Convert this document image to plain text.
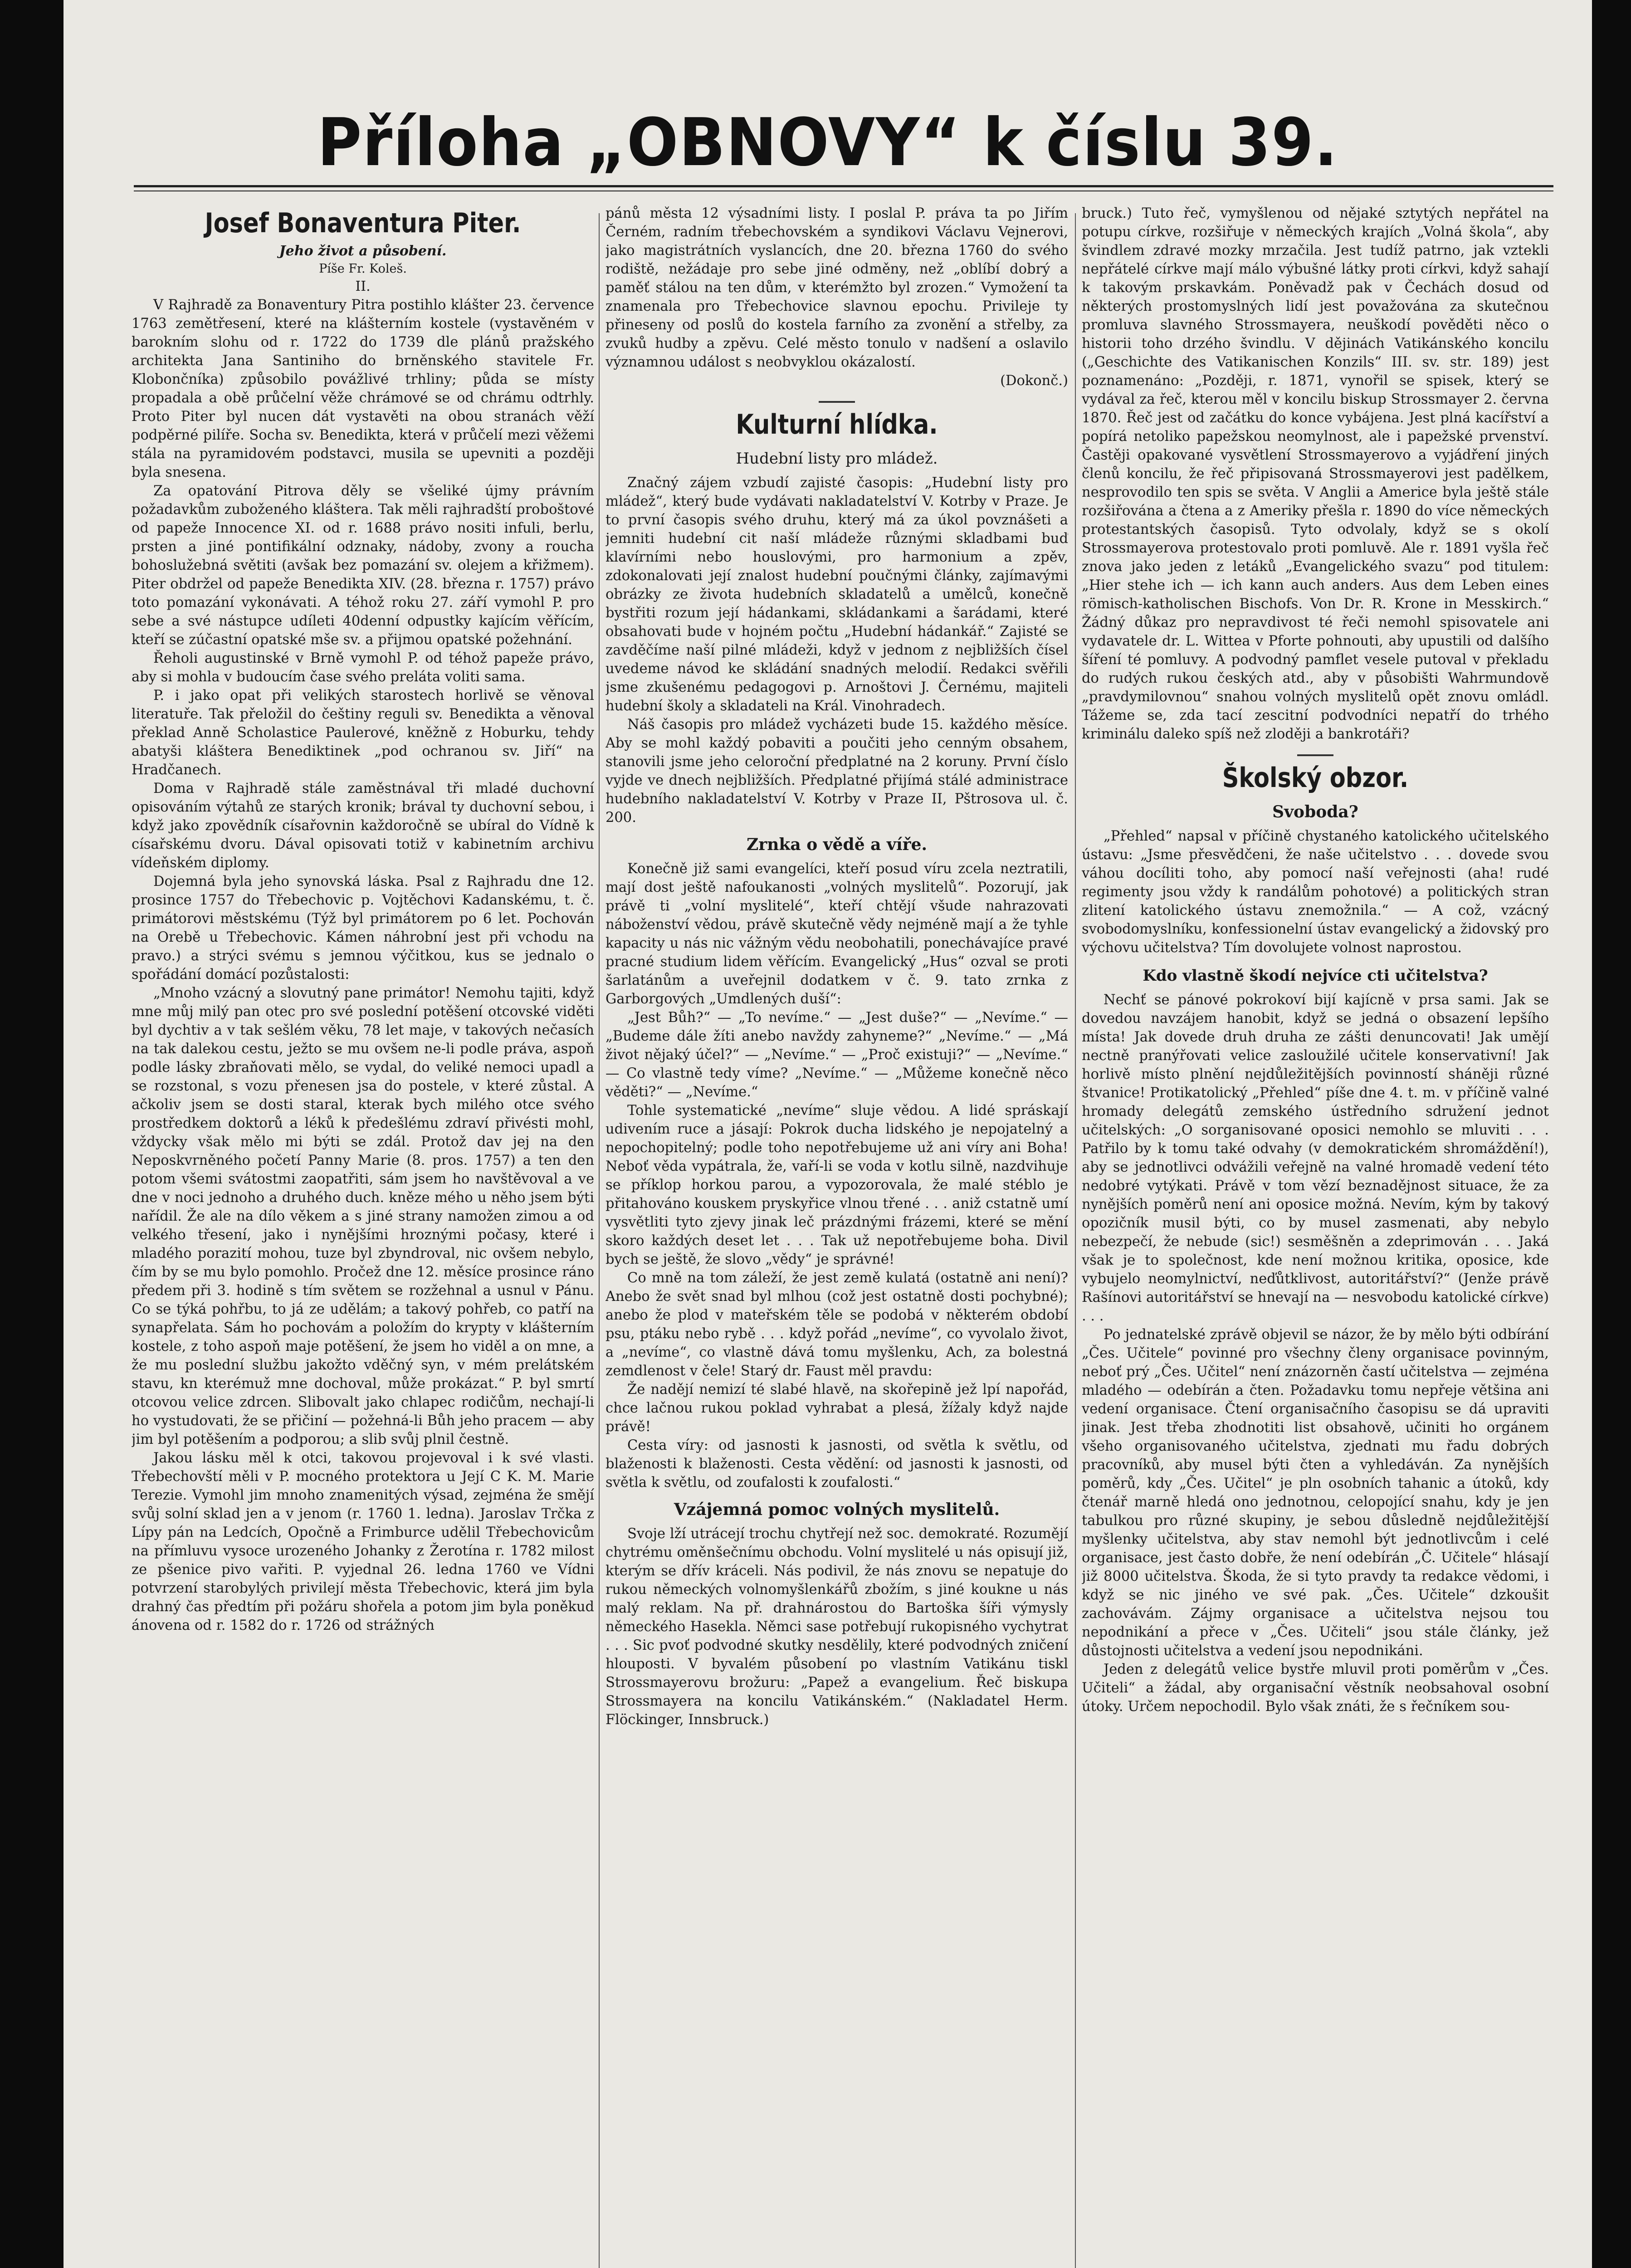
Příloha „OBNOVY“ k číslu 39.
Josef Bonaventura Piter.
Jeho život a působení.
Píše Fr. Koleš.
II.

V Rajhradě za Bonaventury Pitra postihlo klášter 23. července 1763 zemětřesení, které na klášterním kostele (vystavěném v barokním slohu od r. 1722 do 1739 dle plánů pražského architekta Jana Santiniho do brněnského stavitele Fr. Klobončníka) způsobilo povážlivé trhliny; půda se místy propadala a obě průčelní věže chrámové se od chrámu odtrhly. Proto Piter byl nucen dát vystavěti na obou stranách věží podpěrné pilíře. Socha sv. Benedikta, která v průčelí mezi věžemi stála na pyramidovém podstavci, musila se upevniti a později byla snesena.

Za opatování Pitrova děly se všeliké újmy právním požadavkům zuboženého kláštera. Tak měli rajhradští proboštové od papeže Innocence XI. od r. 1688 právo nositi infuli, berlu, prsten a jiné pontifikální odznaky, nádoby, zvony a roucha bohoslužebná světiti (avšak bez pomazání sv. olejem a křižmem). Piter obdržel od papeže Benedikta XIV. (28. března r. 1757) právo toto pomazání vykonávati. A téhož roku 27. září vymohl P. pro sebe a své nástupce udíleti 40denní odpustky kajícím věřícím, kteří se zúčastní opatské mše sv. a přijmou opatské požehnání.

Řeholi augustinské v Brně vymohl P. od téhož papeže právo, aby si mohla v budoucím čase svého preláta voliti sama.

P. i jako opat při velikých starostech horlivě se věnoval literatuře. Tak přeložil do češtiny reguli sv. Benedikta a věnoval překlad Anně Scholastice Paulerové, kněžně z Hoburku, tehdy abatyši kláštera Benediktinek „pod ochranou sv. Jiří“ na Hradčanech.

Doma v Rajhradě stále zaměstnával tři mladé duchovní opisováním výtahů ze starých kronik; brával ty duchovní sebou, i když jako zpovědník císařovnin každoročně se ubíral do Vídně k císařskému dvoru. Dával opisovati totiž v kabinetním archivu vídeňském diplomy.

Dojemná byla jeho synovská láska. Psal z Rajhradu dne 12. prosince 1757 do Třebechovic p. Vojtěchovi Kadanskému, t. č. primátorovi městskému (Týž byl primátorem po 6 let. Pochován na Orebě u Třebechovic. Kámen náhrobní jest při vchodu na pravo.) a strýci svému s jemnou výčitkou, kus se jednalo o spořádání domácí pozůstalosti:

„Mnoho vzácný a slovutný pane primátor! Nemohu tajiti, když mne můj milý pan otec pro své poslední potěšení otcovské viděti byl dychtiv a v tak sešlém věku, 78 let maje, v takových nečasích na tak dalekou cestu, ježto se mu ovšem ne-li podle práva, aspoň podle lásky zbraňovati mělo, se vydal, do veliké nemoci upadl a se rozstonal, s vozu přenesen jsa do postele, v které zůstal. A ačkoliv jsem se dosti staral, kterak bych milého otce svého prostředkem doktorů a léků k předešlému zdraví přivésti mohl, vždycky však mělo mi býti se zdál. Protož dav jej na den Neposkvrněného početí Panny Marie (8. pros. 1757) a ten den potom všemi svátostmi zaopatřiti, sám jsem ho navštěvoval a ve dne v noci jednoho a druhého duch. kněze mého u něho jsem býti nařídil. Že ale na dílo věkem a s jiné strany namožen zimou a od velkého třesení, jako i nynějšími hroznými počasy, které i mladého porazití mohou, tuze byl zbyndroval, nic ovšem nebylo, čím by se mu bylo pomohlo. Pročež dne 12. měsíce prosince ráno předem při 3. hodině s tím světem se rozžehnal a usnul v Pánu. Co se týká pohřbu, to já ze udělám; a takový pohřeb, co patří na synapřelata. Sám ho pochovám a položím do krypty v klášterním kostele, z toho aspoň maje potěšení, že jsem ho viděl a on mne, a že mu poslední službu jakožto vděčný syn, v mém prelátském stavu, kn kterémuž mne dochoval, může prokázat.“ P. byl smrtí otcovou velice zdrcen. Slibovalt jako chlapec rodičům, nechají-li ho vystudovati, že se přičiní — požehná-li Bůh jeho pracem — aby jim byl potěšením a podporou; a slib svůj plnil čestně.

Jakou lásku měl k otci, takovou projevoval i k své vlasti. Třebechovští měli v P. mocného protektora u Její C K. M. Marie Terezie. Vymohl jim mnoho znamenitých výsad, zejména že smějí svůj solní sklad jen a v jenom (r. 1760 1. ledna). Jaroslav Trčka z Lípy pán na Ledcích, Opočně a Frimburce udělil Třebechovicům na přímluvu vysoce urozeného Johanky z Žerotína r. 1782 milost ze pšenice pivo vařiti. P. vyjednal 26. ledna 1760 ve Vídni potvrzení starobylých privilejí města Třebechovic, která jim byla drahný čas předtím při požáru shořela a potom jim byla poněkud ánovena od r. 1582 do r. 1726 od strážných

pánů města 12 výsadními listy. I poslal P. práva ta po Jiřím Černém, radním třebechovském a syndikovi Václavu Vejnerovi, jako magistrátních vyslancích, dne 20. března 1760 do svého rodiště, nežádaje pro sebe jiné odměny, než „oblíbí dobrý a paměť stálou na ten dům, v kterémžto byl zrozen.“ Vymožení ta znamenala pro Třebechovice slavnou epochu. Privileje ty přineseny od poslů do kostela farního za zvonění a střelby, za zvuků hudby a zpěvu. Celé město tonulo v nadšení a oslavilo významnou událost s neobvyklou okázalostí.

(Dokonč.)
Kulturní hlídka.
Hudební listy pro mládež.

Značný zájem vzbudí zajisté časopis: „Hudební listy pro mládež“, který bude vydávati nakladatelství V. Kotrby v Praze. Je to první časopis svého druhu, který má za úkol povznášeti a jemniti hudební cit naší mládeže různými skladbami buď klavírními nebo houslovými, pro harmonium a zpěv, zdokonalovati její znalost hudební poučnými články, zajímavými obrázky ze života hudebních skladatelů a umělců, konečně bystřiti rozum její hádankami, skládankami a šarádami, které obsahovati bude v hojném počtu „Hudební hádankář.“ Zajisté se zavděčíme naší pilné mládeži, když v jednom z nejbližších čísel uvedeme návod ke skládání snadných melodií. Redakci svěřili jsme zkušenému pedagogovi p. Arnoštovi J. Černému, majiteli hudební školy a skladateli na Král. Vinohradech.

Náš časopis pro mládež vycházeti bude 15. každého měsíce. Aby se mohl každý pobaviti a poučiti jeho cenným obsahem, stanovili jsme jeho celoroční předplatné na 2 koruny. První číslo vyjde ve dnech nejbližších. Předplatné přijímá stálé administrace hudebního nakladatelství V. Kotrby v Praze II, Pštrosova ul. č. 200.

Zrnka o vědě a víře.

Konečně již sami evangelíci, kteří posud víru zcela neztratili, mají dost ještě nafoukanosti „volných myslitelů“. Pozorují, jak právě ti „volní myslitelé“, kteří chtějí všude nahrazovati náboženství vědou, právě skutečně vědy nejméně mají a že tyhle kapacity u nás nic vážným vědu neobohatili, ponechávajíce pravé pracné studium lidem věřícím. Evangelický „Hus“ ozval se proti šarlatánům a uveřejnil dodatkem v č. 9. tato zrnka z Garborgových „Umdlených duší“:

„Jest Bůh?“ — „To nevíme.“ — „Jest duše?“ — „Nevíme.“ — „Budeme dále žíti anebo navždy zahyneme?“ „Nevíme.“ — „Má život nějaký účel?“ — „Nevíme.“ — „Proč existuji?“ — „Nevíme.“ — Co vlastně tedy víme? „Nevíme.“ — „Můžeme konečně něco věděti?“ — „Nevíme.“

Tohle systematické „nevíme“ sluje vědou. A lidé spráskají udivením ruce a jásají: Pokrok ducha lidského je nepojatelný a nepochopitelný; podle toho nepotřebujeme už ani víry ani Boha! Neboť věda vypátrala, že, vaří-li se voda v kotlu silně, nazdvihuje se příklop horkou parou, a vypozorovala, že malé stéblo je přitahováno kouskem pryskyřice vlnou třené . . . aniž cstatně umí vysvětliti tyto zjevy jinak leč prázdnými frázemi, které se mění skoro každých deset let . . . Tak už nepotřebujeme boha. Divil bych se ještě, že slovo „vědy“ je správné!

Co mně na tom záleží, že jest země kulatá (ostatně ani není)? Anebo že svět snad byl mlhou (což jest ostatně dosti pochybné); anebo že plod v mateřském těle se podobá v některém období psu, ptáku nebo rybě . . . když pořád „nevíme“, co vyvolalo život, a „nevíme“, co vlastně dává tomu myšlenku, Ach, za bolestná zemdlenost v čele! Starý dr. Faust měl pravdu:

Že nadějí nemizí té slabé hlavě, na skořepině jež lpí napořád, chce lačnou rukou poklad vyhrabat a plesá, žížaly když najde právě!

Cesta víry: od jasnosti k jasnosti, od světla k světlu, od blaženosti k blaženosti. Cesta vědění: od jasnosti k jasnosti, od světla k světlu, od zoufalosti k zoufalosti.“

Vzájemná pomoc volných myslitelů.

Svoje lží utrácejí trochu chytřejí než soc. demokraté. Rozumějí chytrému oměnšečnímu obchodu. Volní myslitelé u nás opisují již, kterým se dřív kráceli. Nás podivil, že nás znovu se nepatuje do rukou německých volnomyšlenkářů zbožím, s jiné koukne u nás malý reklam. Na př. drahnárostou do Bartoška šíři výmysly německého Hasekla. Němci sase potřebují rukopisného vychytrat . . . Sic pvoť podvodné skutky nesdělily, které podvodných zničení hlouposti. V byvalém působení po vlastním Vatikánu tiskl Strossmayerovu brožuru: „Papež a evangelium. Řeč biskupa Strossmayera na koncilu Vatikánském.“ (Nakladatel Herm. Flöckinger, Innsbruck.)

bruck.) Tuto řeč, vymyšlenou od nějaké sztytých nepřátel na potupu církve, rozšiřuje v německých krajích „Volná škola“, aby švindlem zdravé mozky mrzačila. Jest tudíž patrno, jak vztekli nepřátelé církve mají málo výbušné látky proti církvi, když sahají k takovým prskavkám. Poněvadž pak v Čechách dosud od některých prostomyslných lidí jest považována za skutečnou promluva slavného Strossmayera, neuškodí pověděti něco o historii toho drzého švindlu. V dějinách Vatikánského koncilu („Geschichte des Vatikanischen Konzils“ III. sv. str. 189) jest poznamenáno: „Později, r. 1871, vynořil se spisek, který se vydával za řeč, kterou měl v koncilu biskup Strossmayer 2. června 1870. Řeč jest od začátku do konce vybájena. Jest plná kacířství a popírá netoliko papežskou neomylnost, ale i papežské prvenství. Častěji opakované vysvětlení Strossmayerovo a vyjádření jiných členů koncilu, že řeč připisovaná Strossmayerovi jest padělkem, nesprovodilo ten spis se světa. V Anglii a Americe byla ještě stále rozšiřována a čtena a z Ameriky přešla r. 1890 do více německých protestantských časopisů. Tyto odvolaly, když se s okolí Strossmayerova protestovalo proti pomluvě. Ale r. 1891 vyšla řeč znova jako jeden z letáků „Evangelického svazu“ pod titulem: „Hier stehe ich — ich kann auch anders. Aus dem Leben eines römisch-katholischen Bischofs. Von Dr. R. Krone in Messkirch.“ Žádný důkaz pro nepravdivost té řeči nemohl spisovatele ani vydavatele dr. L. Wittea v Pforte pohnouti, aby upustili od dalšího šíření té pomluvy. A podvodný pamflet vesele putoval v překladu do rudých rukou českých atd., aby v působišti Wahrmundově „pravdymilovnou“ snahou volných myslitelů opět znovu omládl. Tážeme se, zda tací zescitní podvodníci nepatří do trhého kriminálu daleko spíš než zloději a bankrotáři?

Školský obzor.
Svoboda?

„Přehled“ napsal v příčině chystaného katolického učitelského ústavu: „Jsme přesvědčeni, že naše učitelstvo . . . dovede svou váhou docíliti toho, aby pomocí naší veřejnosti (aha! rudé regimenty jsou vždy k randálům pohotové) a politických stran zlitení katolického ústavu znemožnila.“ — A což, vzácný svobodomyslníku, konfessionelní ústav evangelický a židovský pro výchovu učitelstva? Tím dovolujete volnost naprostou.

Kdo vlastně škodí nejvíce cti učitelstva?

Nechť se pánové pokrokoví bijí kajícně v prsa sami. Jak se dovedou navzájem hanobit, když se jedná o obsazení lepšího místa! Jak dovede druh druha ze zášti denuncovati! Jak umějí nectně pranýřovati velice zasloužilé učitele konservativní! Jak horlivě místo plnění nejdůležitějších povinností sháněji různé štvanice! Protikatolický „Přehled“ píše dne 4. t. m. v příčině valné hromady delegátů zemského ústředního sdružení jednot učitelských: „O sorganisované oposici nemohlo se mluviti . . . Patřilo by k tomu také odvahy (v demokratickém shromáždění!), aby se jednotlivci odvážili veřejně na valné hromadě vedení této nedobré vytýkati. Právě v tom vězí beznadějnost situace, že za nynějších poměrů není ani oposice možná. Nevím, kým by takový opozičník musil býti, co by musel zasmenati, aby nebylo nebezpečí, že nebude (sic!) sesměšněn a zdeprimován . . . Jaká však je to společnost, kde není možnou kritika, oposice, kde vybujelo neomylnictví, neďůtklivost, autoritářství?“ (Jenže právě Rašínovi autoritářství se hnevají na — nesvobodu katolické církve) . . .

Po jednatelské zprávě objevil se názor, že by mělo býti odbírání „Čes. Učitele“ povinné pro všechny členy organisace povinným, neboť prý „Čes. Učitel“ není znázorněn častí učitelstva — zejména mladého — odebírán a čten. Požadavku tomu nepřeje většina ani vedení organisace. Čtení organisačního časopisu se dá upraviti jinak. Jest třeba zhodnotiti list obsahově, učiniti ho orgánem všeho organisovaného učitelstva, zjednati mu řadu dobrých pracovníků, aby musel býti čten a vyhledáván. Za nynějších poměrů, kdy „Čes. Učitel“ je pln osobních tahanic a útoků, kdy čtenář marně hledá ono jednotnou, celopojící snahu, kdy je jen tabulkou pro různé skupiny, je sebou důsledně nejdůležitější myšlenky učitelstva, aby stav nemohl být jednotlivcům i celé organisace, jest často dobře, že není odebírán „Č. Učitele“ hlásají již 8000 učitelstva. Škoda, že si tyto pravdy ta redakce vědomi, i když se nic jiného ve své pak. „Čes. Učitele“ dzkoušit zachovávám. Zájmy organisace a učitelstva nejsou tou nepodnikání a přece v „Čes. Učiteli“ jsou stále články, jež důstojnosti učitelstva a vedení jsou nepodnikáni.

Jeden z delegátů velice bystře mluvil proti poměrům v „Čes. Učiteli“ a žádal, aby organisační věstník neobsahoval osobní útoky. Určem nepochodil. Bylo však znáti, že s řečníkem sou-
